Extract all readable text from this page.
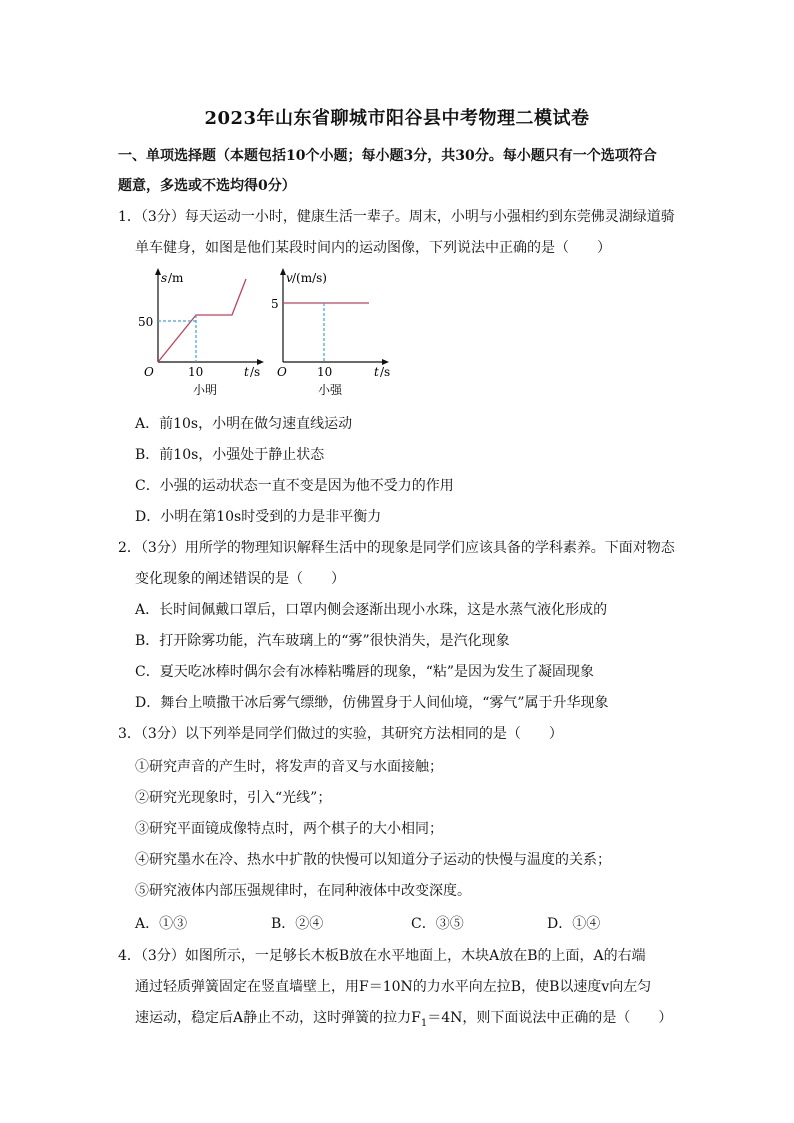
2023年山东省聊城市阳谷县中考物理二模试卷
一、单项选择题（本题包括10个小题；每小题3分，共30分。每小题只有一个选项符合
题意，多选或不选均得0分）
1．（3分）每天运动一小时，健康生活一辈子。周末，小明与小强相约到东莞佛灵湖绿道骑
单车健身，如图是他们某段时间内的运动图像，下列说法中正确的是（　　）
s /m
50
10
O	t /s
小明
v /(m/s)
5
10
O	t /s
小强
A．前10s，小明在做匀速直线运动
B．前10s，小强处于静止状态
C．小强的运动状态一直不变是因为他不受力的作用
D．小明在第10s时受到的力是非平衡力
2．（3分）用所学的物理知识解释生活中的现象是同学们应该具备的学科素养。下面对物态
变化现象的阐述错误的是（　　）
A．长时间佩戴口罩后，口罩内侧会逐渐出现小水珠，这是水蒸气液化形成的
B．打开除雾功能，汽车玻璃上的“雾”很快消失，是汽化现象
C．夏天吃冰棒时偶尔会有冰棒粘嘴唇的现象，“粘”是因为发生了凝固现象
D．舞台上喷撒干冰后雾气缥缈，仿佛置身于人间仙境，“雾气”属于升华现象
3．（3分）以下列举是同学们做过的实验，其研究方法相同的是（　　）
①研究声音的产生时，将发声的音叉与水面接触；
②研究光现象时，引入“光线”；
③研究平面镜成像特点时，两个棋子的大小相同；
④研究墨水在冷、热水中扩散的快慢可以知道分子运动的快慢与温度的关系；
⑤研究液体内部压强规律时，在同种液体中改变深度。
A．①③	B．②④	C．③⑤	D．①④
4．（3分）如图所示，一足够长木板B放在水平地面上，木块A放在B的上面，A的右端
通过轻质弹簧固定在竖直墙壁上，用F＝10N的力水平向左拉B，使B以速度v向左匀
速运动，稳定后A静止不动，这时弹簧的拉力$F_1=4N$，则下面说法中正确的是（　　）
